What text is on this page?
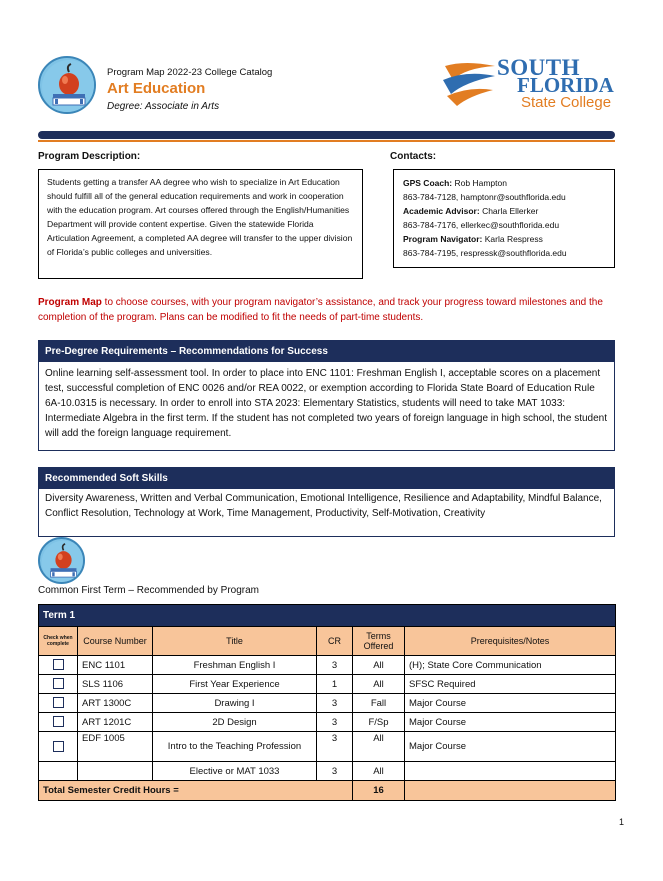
Program Map 2022-23 College Catalog
Art Education
Degree: Associate in Arts
SOUTH
FLORIDA
State College
Program Description:
Students getting a transfer AA degree who wish to specialize in Art Education should fulfill all of the general education requirements and work in cooperation with the education program. Art courses offered through the English/Humanities Department will provide content expertise. Given the statewide Florida Articulation Agreement, a completed AA degree will transfer to the upper division of Florida’s public colleges and universities.
Contacts:
GPS Coach: Rob Hampton
863-784-7128, hamptonr@southflorida.edu
Academic Advisor: Charla Ellerker
863-784-7176, ellerkec@southflorida.edu
Program Navigator: Karla Respress
863-784-7195, respressk@southflorida.edu
Program Map to choose courses, with your program navigator’s assistance, and track your progress toward milestones and the completion of the program. Plans can be modified to fit the needs of part-time students.
Pre-Degree Requirements – Recommendations for Success
Online learning self-assessment tool. In order to place into ENC 1101: Freshman English I, acceptable scores on a placement test, successful completion of ENC 0026 and/or REA 0022, or exemption according to Florida State Board of Education Rule 6A-10.0315 is necessary. In order to enroll into STA 2023: Elementary Statistics, students will need to take MAT 1033: Intermediate Algebra in the first term. If the student has not completed two years of foreign language in high school, the student will add the foreign language requirement.
Recommended Soft Skills
Diversity Awareness, Written and Verbal Communication, Emotional Intelligence, Resilience and Adaptability, Mindful Balance, Conflict Resolution, Technology at Work, Time Management, Productivity, Self-Motivation, Creativity
Common First Term – Recommended by Program
Term 1					
Check when complete	Course Number	Title	CR	Terms Offered	Prerequisites/Notes
	ENC 1101	Freshman English I	3	All	(H); State Core Communication
	SLS 1106	First Year Experience	1	All	SFSC Required
	ART 1300C	Drawing I	3	Fall	Major Course
	ART 1201C	2D Design	3	F/Sp	Major Course
	EDF 1005	Intro to the Teaching Profession	3	All	Major Course
		Elective or MAT 1033	3	All	
Total Semester Credit Hours =				16	
1
